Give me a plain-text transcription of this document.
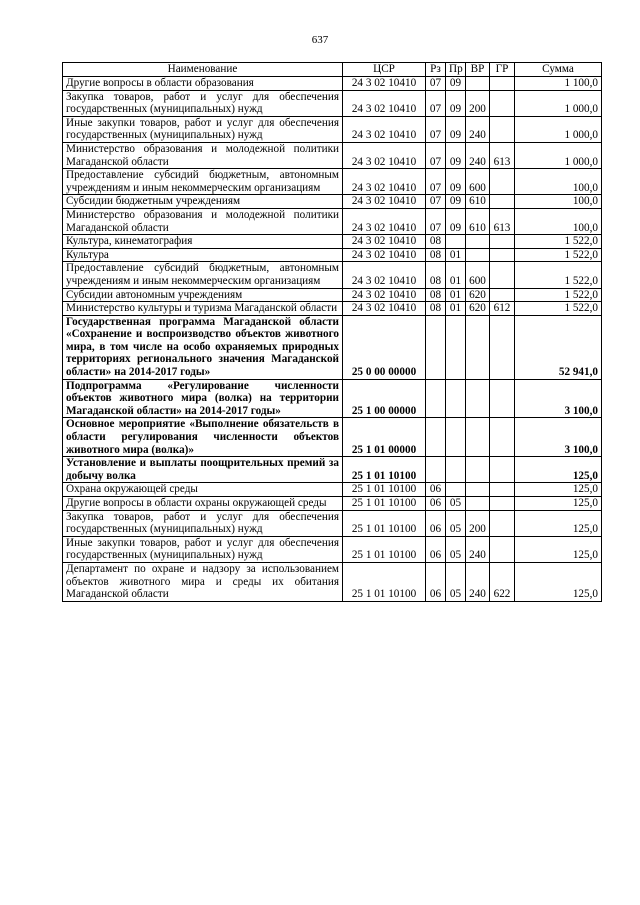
637
Наименование	ЦСР	Рз	Пр	ВР	ГР	Сумма
Другие вопросы в области образования	24 3 02 10410	07	09			1 100,0
Закупка товаров, работ и услуг для обеспечения государственных (муниципальных) нужд	24 3 02 10410	07	09	200		1 000,0
Иные закупки товаров, работ и услуг для обеспечения государственных (муниципальных) нужд	24 3 02 10410	07	09	240		1 000,0
Министерство образования и молодежной политики Магаданской области	24 3 02 10410	07	09	240	613	1 000,0
Предоставление субсидий бюджетным, автономным учреждениям и иным некоммерческим организациям	24 3 02 10410	07	09	600		100,0
Субсидии бюджетным учреждениям	24 3 02 10410	07	09	610		100,0
Министерство образования и молодежной политики Магаданской области	24 3 02 10410	07	09	610	613	100,0
Культура, кинематография	24 3 02 10410	08				1 522,0
Культура	24 3 02 10410	08	01			1 522,0
Предоставление субсидий бюджетным, автономным учреждениям и иным некоммерческим организациям	24 3 02 10410	08	01	600		1 522,0
Субсидии автономным учреждениям	24 3 02 10410	08	01	620		1 522,0
Министерство культуры и туризма Магаданской области	24 3 02 10410	08	01	620	612	1 522,0
Государственная программа Магаданской области «Сохранение и воспроизводство объектов животного мира, в том числе на особо охраняемых природных территориях регионального значения Магаданской области» на 2014-2017 годы»	25 0 00 00000					52 941,0
Подпрограмма «Регулирование численности объектов животного мира (волка) на территории Магаданской области» на 2014-2017 годы»	25 1 00 00000					3 100,0
Основное мероприятие «Выполнение обязательств в области регулирования численности объектов животного мира (волка)»	25 1 01 00000					3 100,0
Установление и выплаты поощрительных премий за добычу волка	25 1 01 10100					125,0
Охрана окружающей среды	25 1 01 10100	06				125,0
Другие вопросы в области охраны окружающей среды	25 1 01 10100	06	05			125,0
Закупка товаров, работ и услуг для обеспечения государственных (муниципальных) нужд	25 1 01 10100	06	05	200		125,0
Иные закупки товаров, работ и услуг для обеспечения государственных (муниципальных) нужд	25 1 01 10100	06	05	240		125,0
Департамент по охране и надзору за использованием объектов животного мира и среды их обитания Магаданской области	25 1 01 10100	06	05	240	622	125,0
